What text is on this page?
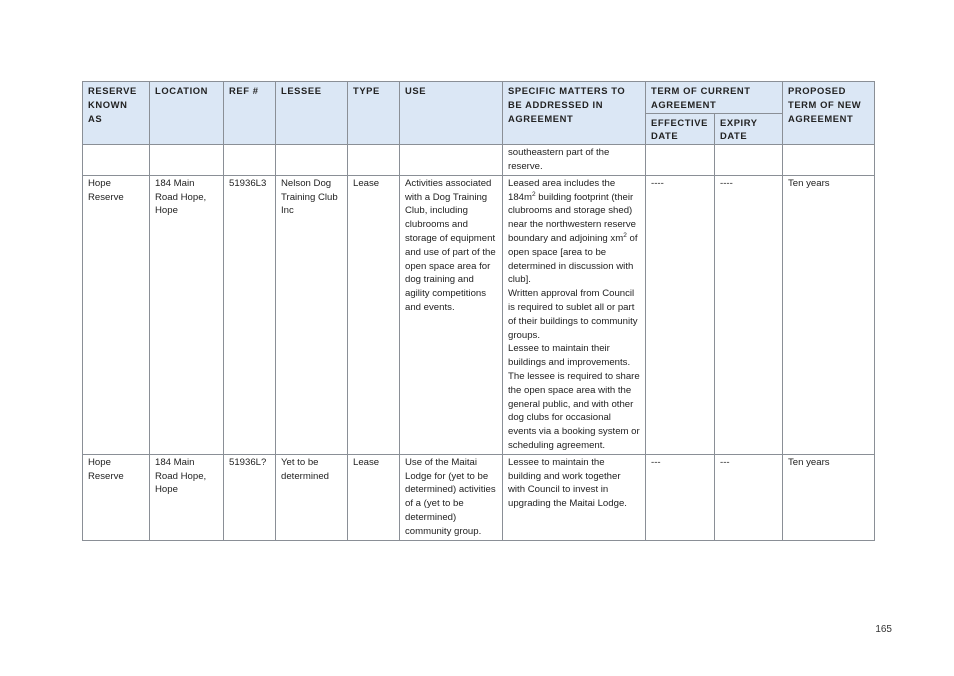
RESERVE KNOWN AS	LOCATION	REF #	LESSEE	TYPE	USE	SPECIFIC MATTERS TO BE ADDRESSED IN AGREEMENT	TERM OF CURRENT AGREEMENT		PROPOSED TERM OF NEW AGREEMENT
							EFFECTIVE DATE	EXPIRY DATE	
						southeastern part of the reserve.			
Hope Reserve	184 Main Road Hope, Hope	51936L3	Nelson Dog Training Club Inc	Lease	Activities associated with a Dog Training Club, including clubrooms and storage of equipment and use of part of the open space area for dog training and agility competitions and events.	Leased area includes the $184m^2$ building footprint (their clubrooms and storage shed) near the northwestern reserve boundary and adjoining $xm^2$ of open space [area to be determined in discussion with club].
Written approval from Council is required to sublet all or part of their buildings to community groups.
Lessee to maintain their buildings and improvements.
The lessee is required to share the open space area with the general public, and with other dog clubs for occasional events via a booking system or scheduling agreement.	----	----	Ten years
Hope Reserve	184 Main Road Hope, Hope	51936L?	Yet to be determined	Lease	Use of the Maitai Lodge for (yet to be determined) activities of a (yet to be determined) community group.	Lessee to maintain the building and work together with Council to invest in upgrading the Maitai Lodge.	---	---	Ten years
165
